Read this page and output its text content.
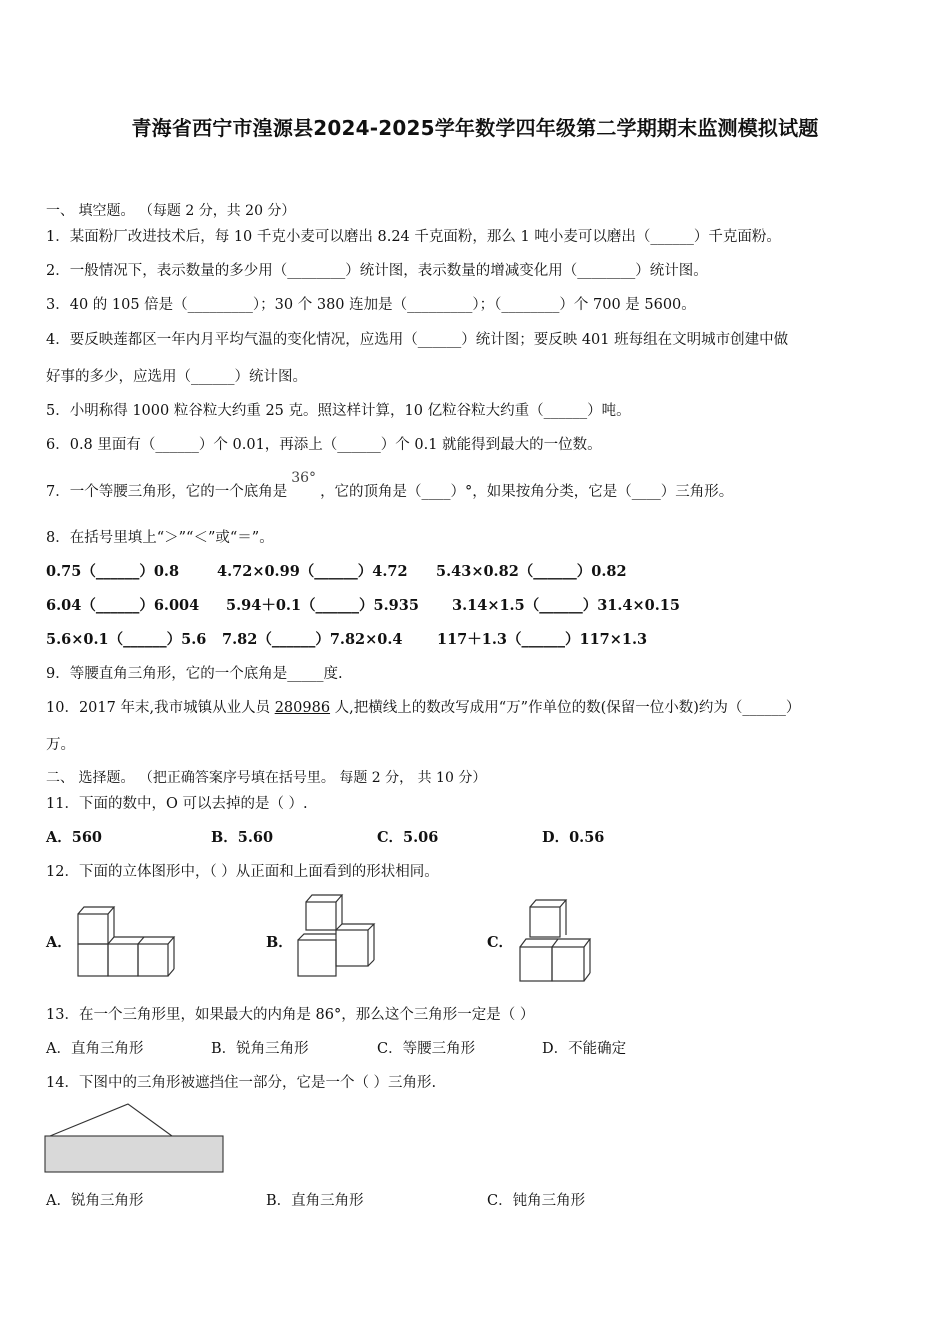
青海省西宁市湟源县2024-2025学年数学四年级第二学期期末监测模拟试题
一、 填空题。 （每题 2 分，共 20 分）
1．某面粉厂改进技术后，每 10 千克小麦可以磨出 8.24 千克面粉，那么 1 吨小麦可以磨出（______）千克面粉。
2．一般情况下，表示数量的多少用（________）统计图，表示数量的增减变化用（________）统计图。
3．40 的 105 倍是（_________）；30 个 380 连加是（_________）；（________）个 700 是 5600。
4．要反映莲都区一年内月平均气温的变化情况，应选用（______）统计图；要反映 401 班每组在文明城市创建中做
好事的多少，应选用（______）统计图。
5．小明称得 1000 粒谷粒大约重 25 克。照这样计算，10 亿粒谷粒大约重（______）吨。
6．0.8 里面有（______）个 0.01，再添上（______）个 0.1 就能得到最大的一位数。
7．一个等腰三角形，它的一个底角是36°，它的顶角是（____）°，如果按角分类，它是（____）三角形。
8．在括号里填上“＞”“＜”或“＝”。
0.75（______）0.8	4.72×0.99（______）4.72 5.43×0.82（______）0.82
6.04（______）6.004 5.94＋0.1（______）5.935 3.14×1.5（______）31.4×0.15
5.6×0.1（______）5.6 7.82（______）7.82×0.4 117＋1.3（______）117×1.3
9．等腰直角三角形，它的一个底角是_____度.
10．2017 年末,我市城镇从业人员 280986 人,把横线上的数改写成用“万”作单位的数(保留一位小数)约为（______）
万。
二、 选择题。 （把正确答案序号填在括号里。 每题 2 分， 共 10 分）
11．下面的数中，O 可以去掉的是（ ）.
A．560	B．5.60	C．5.06	D．0.56
12．下面的立体图形中，（ ）从正面和上面看到的形状相同。
A．	B．	C．
13．在一个三角形里，如果最大的内角是 86°，那么这个三角形一定是（ ）
A．直角三角形	B．锐角三角形	C．等腰三角形	D．不能确定
14．下图中的三角形被遮挡住一部分，它是一个（ ）三角形.
A．锐角三角形	B．直角三角形	C．钝角三角形
